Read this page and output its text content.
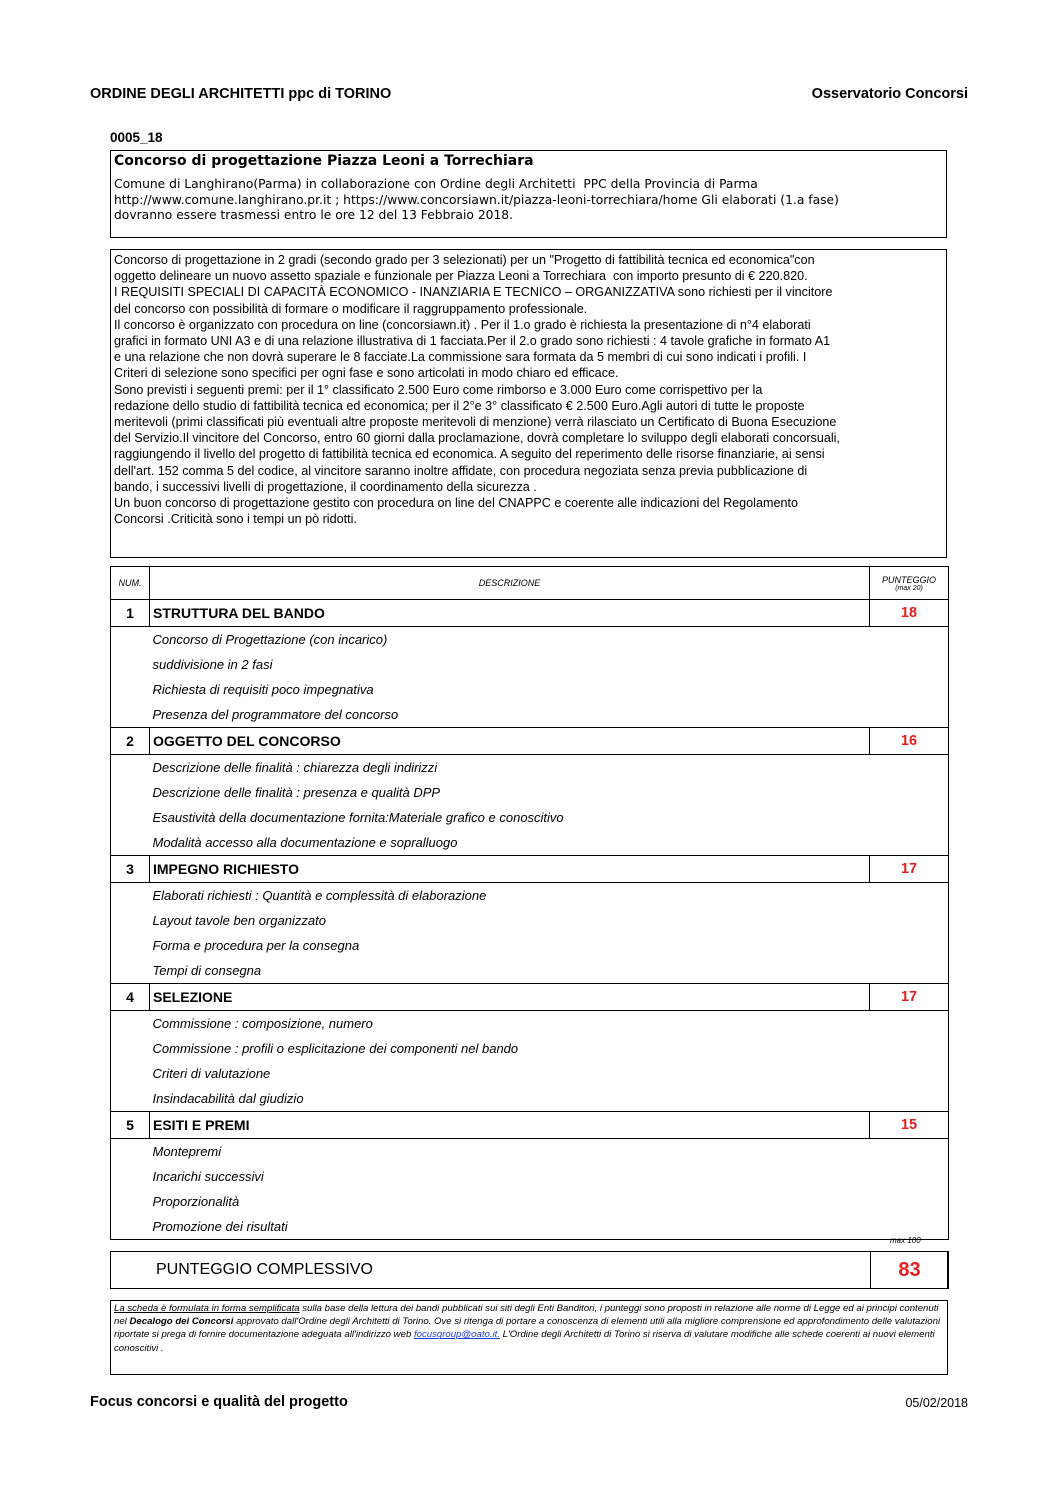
ORDINE DEGLI ARCHITETTI ppc di TORINO	Osservatorio Concorsi
0005_18
Concorso di progettazione Piazza Leoni a Torrechiara
Comune di Langhirano(Parma) in collaborazione con Ordine degli Architetti  PPC della Provincia di Parma
http://www.comune.langhirano.pr.it ; https://www.concorsiawn.it/piazza-leoni-torrechiara/home Gli elaborati (1.a fase)
dovranno essere trasmessi entro le ore 12 del 13 Febbraio 2018.
Concorso di progettazione in 2 gradi (secondo grado per 3 selezionati) per un "Progetto di fattibilità tecnica ed economica"con
oggetto delineare un nuovo assetto spaziale e funzionale per Piazza Leoni a Torrechiara  con importo presunto di € 220.820.
I REQUISITI SPECIALI DI CAPACITÀ ECONOMICO - INANZIARIA E TECNICO – ORGANIZZATIVA sono richiesti per il vincitore
del concorso con possibilità di formare o modificare il raggruppamento professionale.
Il concorso è organizzato con procedura on line (concorsiawn.it) . Per il 1.o grado è richiesta la presentazione di n°4 elaborati
grafici in formato UNI A3 e di una relazione illustrativa di 1 facciata.Per il 2.o grado sono richiesti : 4 tavole grafiche in formato A1
e una relazione che non dovrà superare le 8 facciate.La commissione sara formata da 5 membri di cui sono indicati i profili. I
Criteri di selezione sono specifici per ogni fase e sono articolati in modo chiaro ed efficace.
Sono previsti i seguenti premi: per il 1° classificato 2.500 Euro come rimborso e 3.000 Euro come corrispettivo per la
redazione dello studio di fattibilità tecnica ed economica; per il 2°e 3° classificato € 2.500 Euro.Agli autori di tutte le proposte
meritevoli (primi classificati più eventuali altre proposte meritevoli di menzione) verrà rilasciato un Certificato di Buona Esecuzione
del Servizio.Il vincitore del Concorso, entro 60 giorni dalla proclamazione, dovrà completare lo sviluppo degli elaborati concorsuali,
raggiungendo il livello del progetto di fattibilità tecnica ed economica. A seguito del reperimento delle risorse finanziarie, ai sensi
dell'art. 152 comma 5 del codice, al vincitore saranno inoltre affidate, con procedura negoziata senza previa pubblicazione di
bando, i successivi livelli di progettazione, il coordinamento della sicurezza .
Un buon concorso di progettazione gestito con procedura on line del CNAPPC e coerente alle indicazioni del Regolamento
Concorsi .Criticità sono i tempi un pò ridotti.
NUM.	DESCRIZIONE	PUNTEGGIO
(max 20)

1	STRUTTURA DEL BANDO	18
	Concorso di Progettazione (con incarico)	
	suddivisione in 2 fasi	
	Richiesta di requisiti poco impegnativa	
	Presenza del programmatore del concorso	
2	OGGETTO DEL CONCORSO	16
	Descrizione delle finalità : chiarezza degli indirizzi	
	Descrizione delle finalità : presenza e qualità DPP	
	Esaustività della documentazione fornita:Materiale grafico e conoscitivo	
	Modalità accesso alla documentazione e sopralluogo	
3	IMPEGNO RICHIESTO	17
	Elaborati richiesti : Quantità e complessità di elaborazione	
	Layout tavole ben organizzato	
	Forma e procedura per la consegna	
	Tempi di consegna	
4	SELEZIONE	17
	Commissione : composizione, numero	
	Commissione : profili o esplicitazione dei componenti nel bando	
	Criteri di valutazione	
	Insindacabilità dal giudizio	
5	ESITI E PREMI	15
	Montepremi	
	Incarichi successivi	
	Proporzionalità	
	Promozione dei risultati	
max 100
PUNTEGGIO COMPLESSIVO	83
La scheda è formulata in forma semplificata sulla base della lettura dei bandi pubblicati sui siti degli Enti Banditori, i punteggi sono proposti in relazione alle norme di Legge ed ai principi contenuti nel Decalogo dei Concorsi approvato dall'Ordine degli Architetti di Torino. Ove si ritenga di portare a conoscenza di elementi utili alla migliore comprensione ed approfondimento delle valutazioni riportate si prega di fornire documentazione adeguata all'indirizzo web focusgroup@oato.it. L'Ordine degli Architetti di Torino si riserva di valutare modifiche alle schede coerenti ai nuovi elementi conoscitivi .
Focus concorsi e qualità del progetto	05/02/2018
